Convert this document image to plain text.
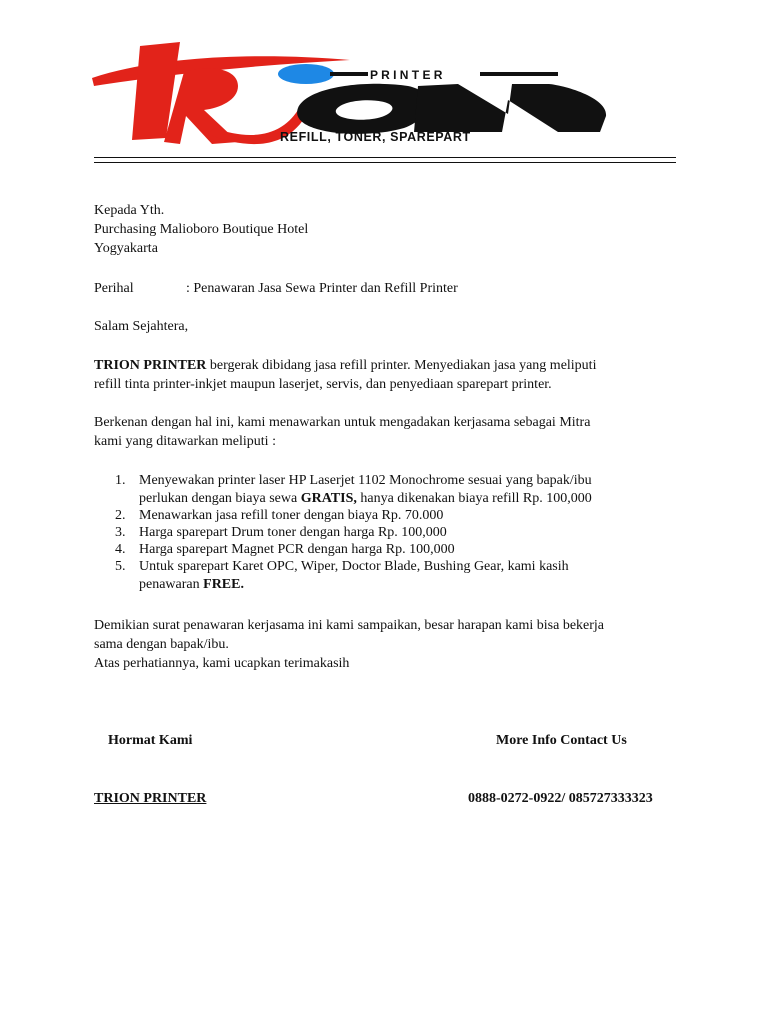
P R I N T E R
REFILL, TONER, SPAREPART
Kepada Yth.
Purchasing Malioboro Boutique Hotel
Yogyakarta
Perihal	: Penawaran Jasa Sewa Printer dan Refill Printer
Salam Sejahtera,
TRION PRINTER bergerak dibidang jasa refill printer. Menyediakan jasa yang meliputi
refill tinta printer-inkjet maupun laserjet, servis, dan penyediaan sparepart printer.
Berkenan dengan hal ini, kami menawarkan untuk mengadakan kerjasama sebagai Mitra
kami yang ditawarkan meliputi :
1. Menyewakan printer laser HP Laserjet 1102 Monochrome sesuai yang bapak/ibu
perlukan dengan biaya sewa GRATIS, hanya dikenakan biaya refill Rp. 100,000
2. Menawarkan jasa refill toner dengan biaya Rp. 70.000
3. Harga sparepart Drum toner dengan harga Rp. 100,000
4. Harga sparepart Magnet PCR dengan harga Rp. 100,000
5. Untuk sparepart Karet OPC, Wiper, Doctor Blade, Bushing Gear, kami kasih
penawaran FREE.
Demikian surat penawaran kerjasama ini kami sampaikan, besar harapan kami bisa bekerja
sama dengan bapak/ibu.
Atas perhatiannya, kami ucapkan terimakasih
Hormat Kami	More Info Contact Us
TRION PRINTER	0888-0272-0922/ 085727333323
